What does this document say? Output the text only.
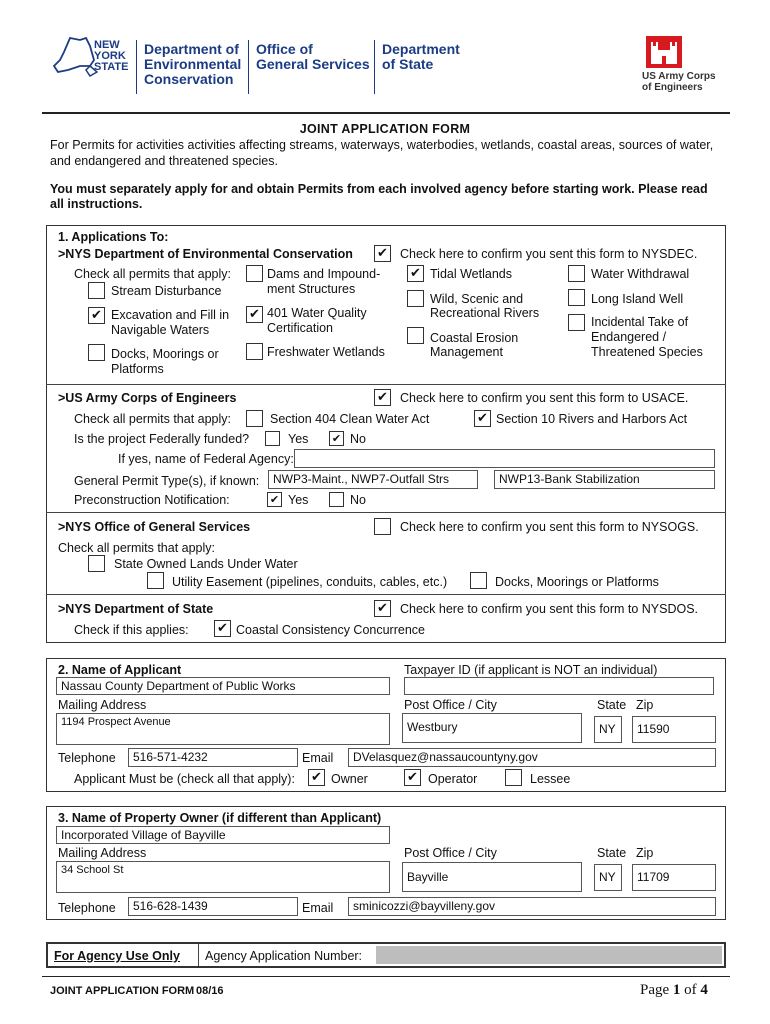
NEW YORK STATE
Department of
Environmental
Conservation
Office of
General Services
Department
of State
US Army Corps
of Engineers
JOINT APPLICATION FORM
For Permits for activities activities affecting streams, waterways, waterbodies, wetlands, coastal areas, sources of water,
and endangered and threatened species.
You must separately apply for and obtain Permits from each involved agency before starting work. Please read
all instructions.
1. Applications To:
>NYS Department of Environmental Conservation ✔ Check here to confirm you sent this form to NYSDEC.
Check all permits that apply:
Stream Disturbance
✔ Excavation and Fill in
Navigable Waters
Docks, Moorings or
Platforms
Dams and Impound-
ment Structures
✔ 401 Water Quality
Certification
Freshwater Wetlands
✔ Tidal Wetlands
Wild, Scenic and
Recreational Rivers
Coastal Erosion
Management
Water Withdrawal
Long Island Well
Incidental Take of
Endangered /
Threatened Species
>US Army Corps of Engineers	✔ Check here to confirm you sent this form to USACE.
Check all permits that apply:	Section 404 Clean Water Act	✔ Section 10 Rivers and Harbors Act
Is the project Federally funded?	Yes ✔ No
If yes, name of Federal Agency:
General Permit Type(s), if known:	NWP3-Maint., NWP7-Outfall Strs	NWP13-Bank Stabilization
Preconstruction Notification:	✔ Yes	No
>NYS Office of General Services	Check here to confirm you sent this form to NYSOGS.
Check all permits that apply:
State Owned Lands Under Water
Utility Easement (pipelines, conduits, cables, etc.)	Docks, Moorings or Platforms
>NYS Department of State	✔ Check here to confirm you sent this form to NYSDOS.
Check if this applies: ✔ Coastal Consistency Concurrence
2. Name of Applicant	Taxpayer ID (if applicant is NOT an individual)
Nassau County Department of Public Works
Mailing Address	Post Office / City	State Zip
1194 Prospect Avenue	Westbury	NY	11590
Telephone	516-571-4232	Email	DVelasquez@nassaucountyny.gov
Applicant Must be (check all that apply): ✔ Owner	✔ Operator	Lessee
3. Name of Property Owner (if different than Applicant)
Incorporated Village of Bayville
Mailing Address	Post Office / City	State Zip
34 School St	Bayville	NY	11709
Telephone	516-628-1439	Email	sminicozzi@bayvilleny.gov
For Agency Use Only Agency Application Number:
JOINT APPLICATION FORM 08/16	Page 1 of 4
